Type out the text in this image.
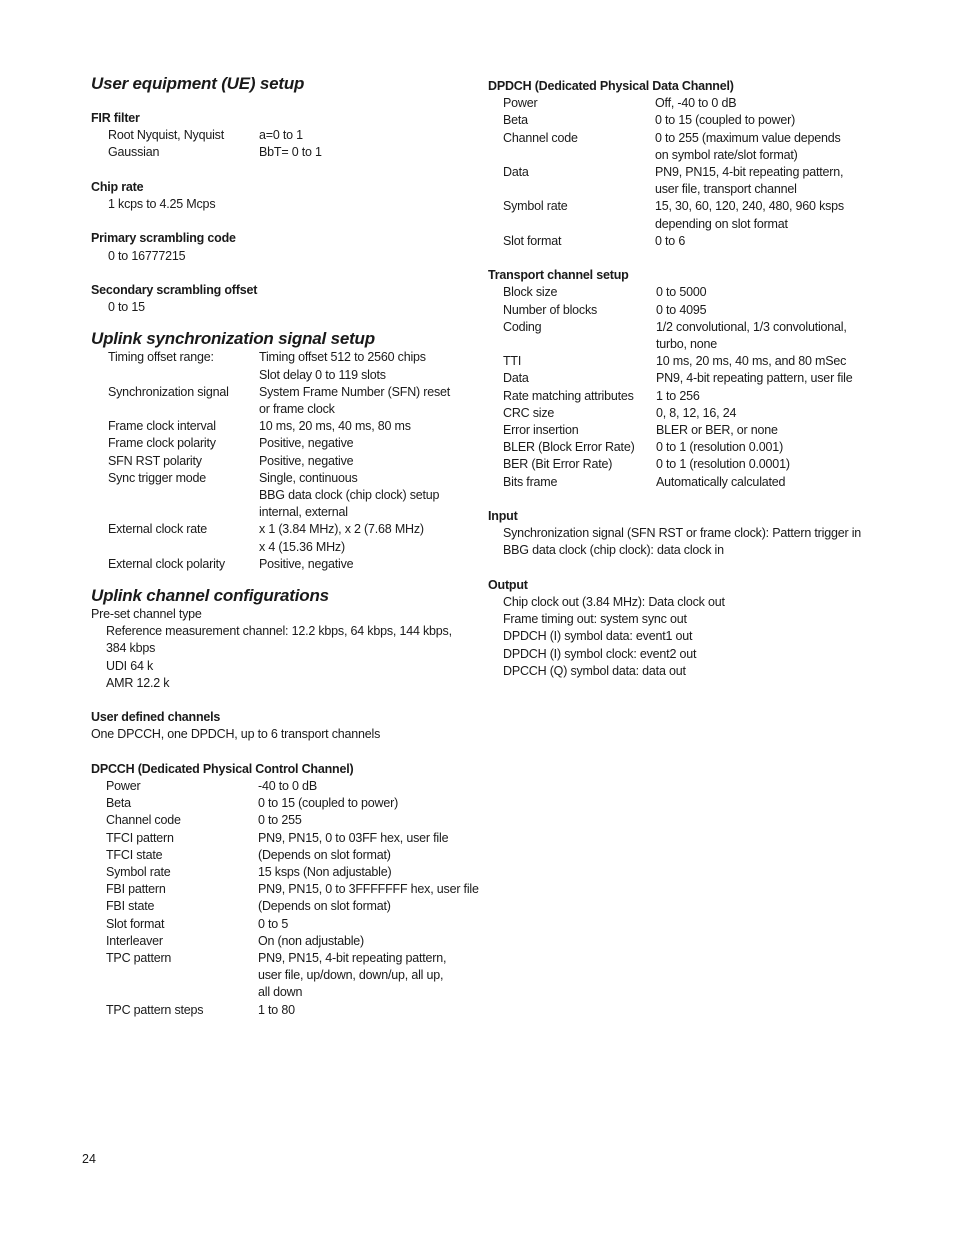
User equipment (UE) setup
FIR filter
Root Nyquist, Nyquist	a=0 to 1
Gaussian	BbT= 0 to 1
Chip rate
1 kcps to 4.25 Mcps
Primary scrambling code
0 to 16777215
Secondary scrambling offset
0 to 15
Uplink synchronization signal setup
Timing offset range:	Timing offset 512 to 2560 chips
Slot delay 0 to 119 slots
Synchronization signal	System Frame Number (SFN) reset
or frame clock
Frame clock interval	10 ms, 20 ms, 40 ms, 80 ms
Frame clock polarity	Positive, negative
SFN RST polarity	Positive, negative
Sync trigger mode	Single, continuous
BBG data clock (chip clock) setup
internal, external
External clock rate	x 1 (3.84 MHz), x 2 (7.68 MHz)
x 4 (15.36 MHz)
External clock polarity	Positive, negative
Uplink channel configurations
Pre-set channel type
Reference measurement channel: 12.2 kbps, 64 kbps, 144 kbps,
384 kbps
UDI 64 k
AMR 12.2 k
User defined channels
One DPCCH, one DPDCH, up to 6 transport channels
DPCCH (Dedicated Physical Control Channel)
Power	-40 to 0 dB
Beta	0 to 15 (coupled to power)
Channel code	0 to 255
TFCI pattern	PN9, PN15, 0 to 03FF hex, user file
TFCI state	(Depends on slot format)
Symbol rate	15 ksps (Non adjustable)
FBI pattern	PN9, PN15, 0 to 3FFFFFFF hex, user file
FBI state	(Depends on slot format)
Slot format	0 to 5
Interleaver	On (non adjustable)
TPC pattern	PN9, PN15, 4-bit repeating pattern,
user file, up/down, down/up, all up,
all down
TPC pattern steps	1 to 80
DPDCH (Dedicated Physical Data Channel)
Power	Off, -40 to 0 dB
Beta	0 to 15 (coupled to power)
Channel code	0 to 255 (maximum value depends
on symbol rate/slot format)
Data	PN9, PN15, 4-bit repeating pattern,
user file, transport channel
Symbol rate	15, 30, 60, 120, 240, 480, 960 ksps
depending on slot format
Slot format	0 to 6
Transport channel setup
Block size	0 to 5000
Number of blocks	0 to 4095
Coding	1/2 convolutional, 1/3 convolutional,
turbo, none
TTI	10 ms, 20 ms, 40 ms, and 80 mSec
Data	PN9, 4-bit repeating pattern, user file
Rate matching attributes	1 to 256
CRC size	0, 8, 12, 16, 24
Error insertion	BLER or BER, or none
BLER (Block Error Rate)	0 to 1 (resolution 0.001)
BER (Bit Error Rate)	0 to 1 (resolution 0.0001)
Bits frame	Automatically calculated
Input
Synchronization signal (SFN RST or frame clock): Pattern trigger in
BBG data clock (chip clock): data clock in
Output
Chip clock out (3.84 MHz): Data clock out
Frame timing out: system sync out
DPDCH (I) symbol data: event1 out
DPDCH (I) symbol clock: event2 out
DPCCH (Q) symbol data: data out
24
